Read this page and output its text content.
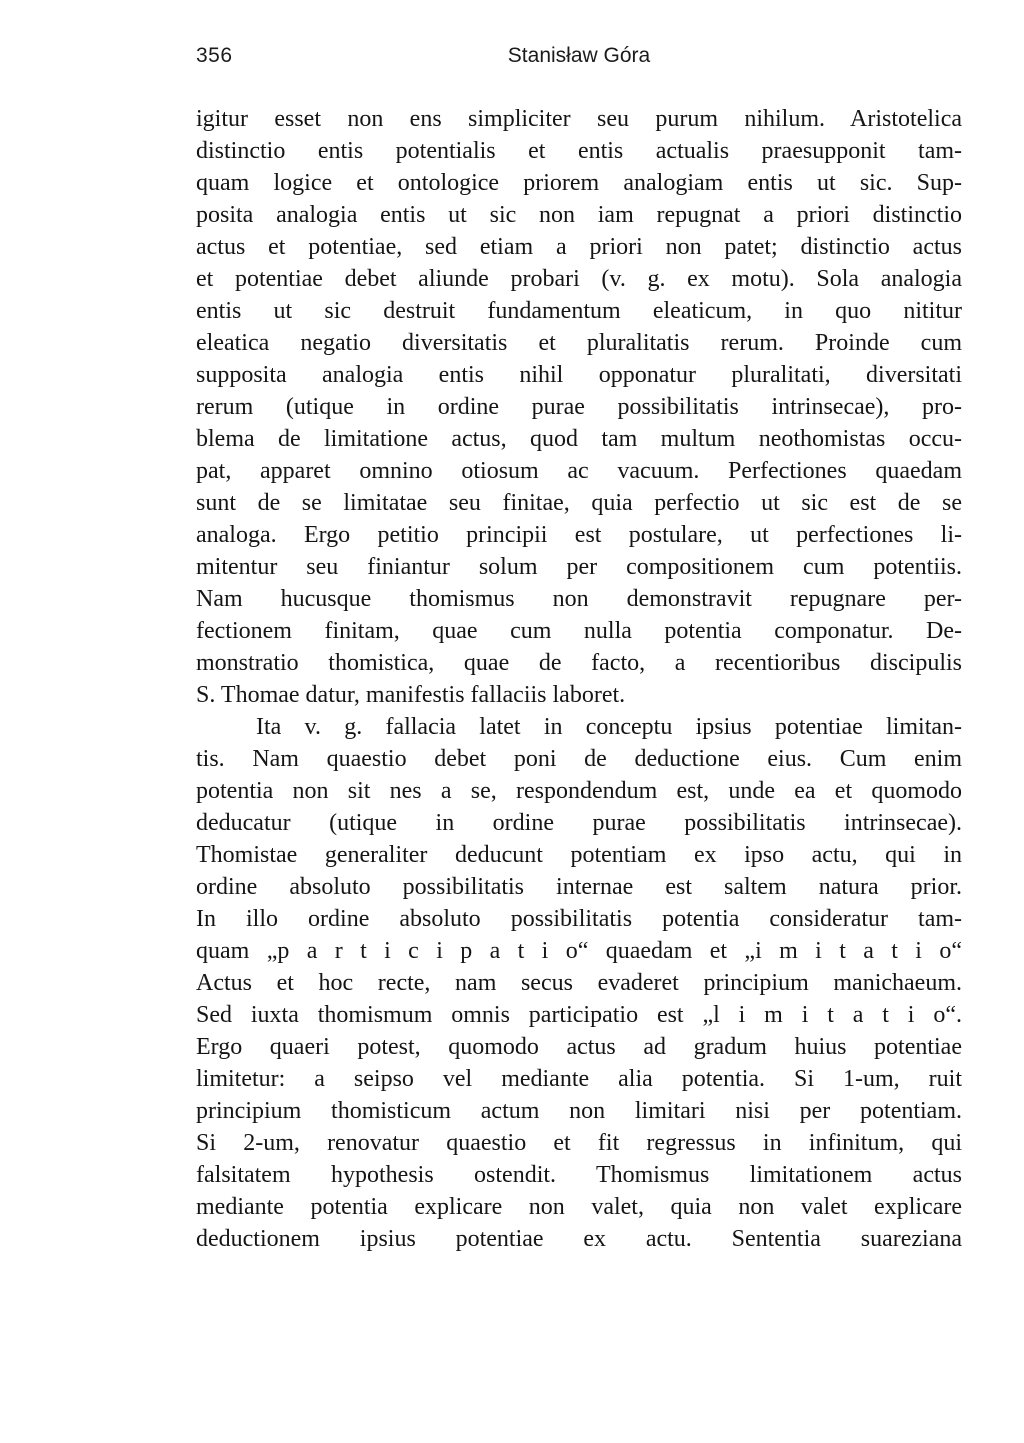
356	Stanisław Góra
igitur esset non ens simpliciter seu purum nihilum. Aristotelica
distinctio entis potentialis et entis actualis praesupponit tam-
quam logice et ontologice priorem analogiam entis ut sic. Sup-
posita analogia entis ut sic non iam repugnat a priori distinctio
actus et potentiae, sed etiam a priori non patet; distinctio actus
et potentiae debet aliunde probari (v. g. ex motu). Sola analogia
entis ut sic destruit fundamentum eleaticum, in quo nititur
eleatica negatio diversitatis et pluralitatis rerum. Proinde cum
supposita analogia entis nihil opponatur pluralitati, diversitati
rerum (utique in ordine purae possibilitatis intrinsecae), pro-
blema de limitatione actus, quod tam multum neothomistas occu-
pat, apparet omnino otiosum ac vacuum. Perfectiones quaedam
sunt de se limitatae seu finitae, quia perfectio ut sic est de se
analoga. Ergo petitio principii est postulare, ut perfectiones li-
mitentur seu finiantur solum per compositionem cum potentiis.
Nam hucusque thomismus non demonstravit repugnare per-
fectionem finitam, quae cum nulla potentia componatur. De-
monstratio thomistica, quae de facto, a recentioribus discipulis
S. Thomae datur, manifestis fallaciis laboret.
Ita v. g. fallacia latet in conceptu ipsius potentiae limitan-
tis. Nam quaestio debet poni de deductione eius. Cum enim
potentia non sit nes a se, respondendum est, unde ea et quomodo
deducatur (utique in ordine purae possibilitatis intrinsecae).
Thomistae generaliter deducunt potentiam ex ipso actu, qui in
ordine absoluto possibilitatis internae est saltem natura prior.
In illo ordine absoluto possibilitatis potentia consideratur tam-
quam „p a r t i c i p a t i o“ quaedam et „i m i t a t i o“
Actus et hoc recte, nam secus evaderet principium manichaeum.
Sed iuxta thomismum omnis participatio est „l i m i t a t i o“.
Ergo quaeri potest, quomodo actus ad gradum huius potentiae
limitetur: a seipso vel mediante alia potentia. Si 1-um, ruit
principium thomisticum actum non limitari nisi per potentiam.
Si 2-um, renovatur quaestio et fit regressus in infinitum, qui
falsitatem hypothesis ostendit. Thomismus limitationem actus
mediante potentia explicare non valet, quia non valet explicare
deductionem ipsius potentiae ex actu. Sententia suareziana
